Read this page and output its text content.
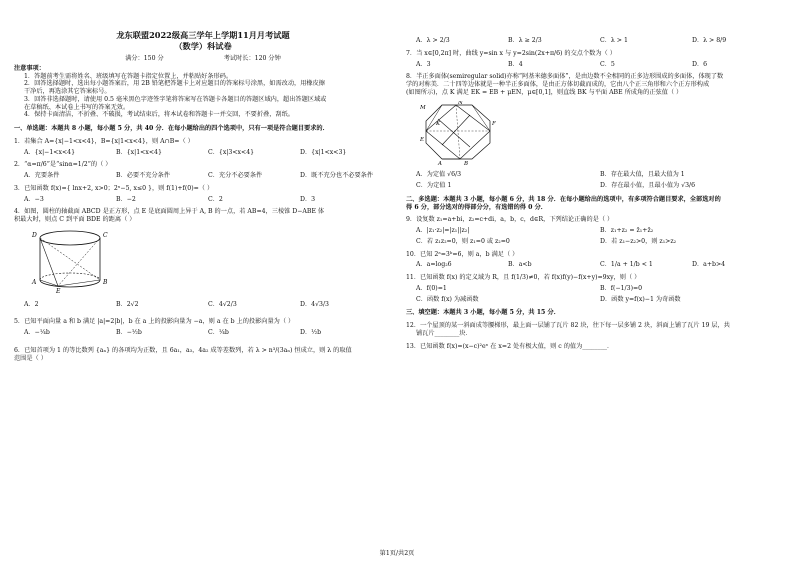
龙东联盟2022级高三学年上学期11月月考试题
（数学）科试卷
满分：150 分	考试时长：120 分钟
注意事项：
1．答题前考生需将姓名、班级填写在答题卡指定位置上，并粘贴好条形码。
2．回答选择题时，选出每小题答案后，用 2B 铅笔把答题卡上对应题目的答案标号涂黑，如需改动，用橡皮擦
干净后，再选涂其它答案标号。
3．回答非选择题时，请使用 0.5 毫米黑色字迹签字笔将答案写在答题卡各题目的答题区域内，超出答题区域或
在草稿纸、本试卷上书写的答案无效。
4．保持卡面清洁，不折叠、不破损，考试结束后，将本试卷和答题卡一并交回，不要折叠，刮纸。
一、单选题：本题共 8 小题，每小题 5 分，共 40 分．在每小题给出的四个选项中，只有一项是符合题目要求的．
1．若集合 A={x|−1<x<4}，B={x|1<x<4}，则 A∩B=（ ）
A．{x|−1<x<4}	B．{x|1<x<4}	C．{x|3<x<4}	D．{x|1<x<3}
2．“α=π/6”是“sinα=1/2”的（ ）
A．充要条件	B．必要不充分条件	C．充分不必要条件	D．既不充分也不必要条件
3．已知函数 f(x)={ lnx+2, x>0；2ˣ−5, x≤0 }，则 f(1)+f(0)=（ ）
A．−3	B．−2	C．2	D．3
4．如图，圆柱的轴截面 ABCD 是正方形，点 E 是底面圆周上异于 A, B 的一点，若 AB=4，三棱锥 D−ABE 体
积最大时，则点 C 到平面 BDE 的距离（ ）
D	C
A	B
E
A．2	B．2√2	C．4√2/3	D．4√3/3
5．已知平面向量 a 和 b 满足 |a|=2|b|，b 在 a 上的投影向量为 −a，则 a 在 b 上的投影向量为（ ）
A．−¼b	B．−½b	C．¼b	D．½b
6．已知首项为 1 的等比数列 {aₙ} 的各项均为正数，且 6a₁，a₃，4a₂ 成等差数列，若 λ > n³/(3aₙ) 恒成立，则 λ 的取值
范围是（ ）
A．λ > 2/3	B．λ ≥ 2/3	C．λ > 1	D．λ > 8/9
7．当 x∈[0,2π] 时，曲线 y=sin x 与 y=2sin(2x+π/6) 的交点个数为（ ）
A．3	B．4	C．5	D．6
8．半正多面体(semiregular solid)亦称“阿基米德多面体”，是由边数不全相同的正多边形围成的多面体，体现了数
学的对称美．二十四等边体就是一种半正多面体，是由正方体切截而成的，它由八个正三角形和六个正方形构成
(如图所示)，点 K 满足 EK = EB + μEN，μ∈[0,1]，则直线 BK 与平面 ABE 所成角的正弦值（ ）
M
N
E
F
K
A	B
A．为定值 √6/3	B．存在最大值，且最大值为 1
C．为定值 1	D．存在最小值，且最小值为 √3/6
二、多选题：本题共 3 小题，每小题 6 分，共 18 分．在每小题给出的选项中，有多项符合题目要求，全部选对的
得 6 分，部分选对的得部分分，有选错的得 0 分．
9．设复数 z₁=a+bi，z₂=c+di，a，b，c，d∈R，下列结论正确的是（ ）
A．|z₁·z₂|=|z₁||z₂|	B．z₁+z₂ = z̄₁+z̄₂
C．若 z₁z₂=0，则 z₁=0 或 z₂=0	D．若 z₁−z₂>0，则 z₁>z₂
10．已知 2ᵃ=3ᵇ=6，则 a，b 满足（ ）
A．a=log₂6	B．a<b	C．1/a + 1/b < 1	D．a+b>4
11．已知函数 f(x) 的定义域为 R，且 f(1/3)≠0，若 f(x)f(y)−f(x+y)=9xy，则（ ）
A．f(0)=1	B．f(−1/3)=0
C．函数 f(x) 为减函数	D．函数 y=f(x)−1 为奇函数
三、填空题：本题共 3 小题，每小题 5 分，共 15 分．
12．一个屋顶的某一斜面成等腰梯形，最上面一层铺了瓦片 82 块，往下每一层多铺 2 块，斜面上铺了瓦片 19 层，共
铺瓦片________块．
13．已知函数 f(x)=(x−c)²eˣ 在 x=2 处有极大值，则 c 的值为________．
第1页/共2页
